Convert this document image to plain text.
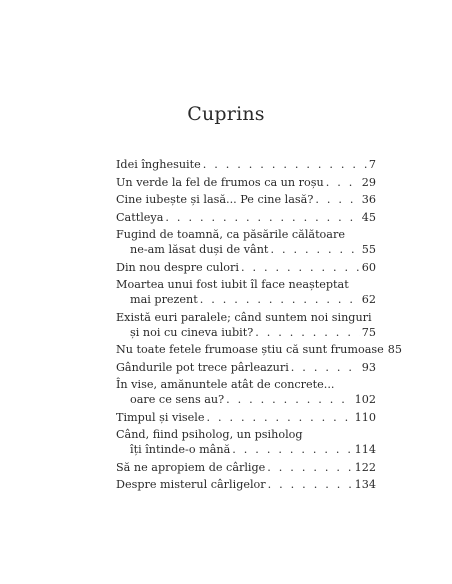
Cuprins
Idei înghesuite . . .	7
Un verde la fel de frumos ca un roșu . . .	29
Cine iubește și lasă... Pe cine lasă? . . .	36
Cattleya . . .	45
Fugind de toamnă, ca păsările călătoare
ne-am lăsat duși de vânt . . .	55
Din nou despre culori . . .	60
Moartea unui fost iubit îl face neașteptat
mai prezent . . .	62
Există euri paralele; când suntem noi singuri
și noi cu cineva iubit? . . .	75
Nu toate fetele frumoase știu că sunt frumoase 85
Gândurile pot trece pârleazuri . . .	93
În vise, amănuntele atât de concrete...
oare ce sens au? . . .	102
Timpul și visele . . .	110
Când, fiind psiholog, un psiholog
îți întinde-o mână . . .	114
Să ne apropiem de cârlige . . .	122
Despre misterul cârligelor . . .	134
